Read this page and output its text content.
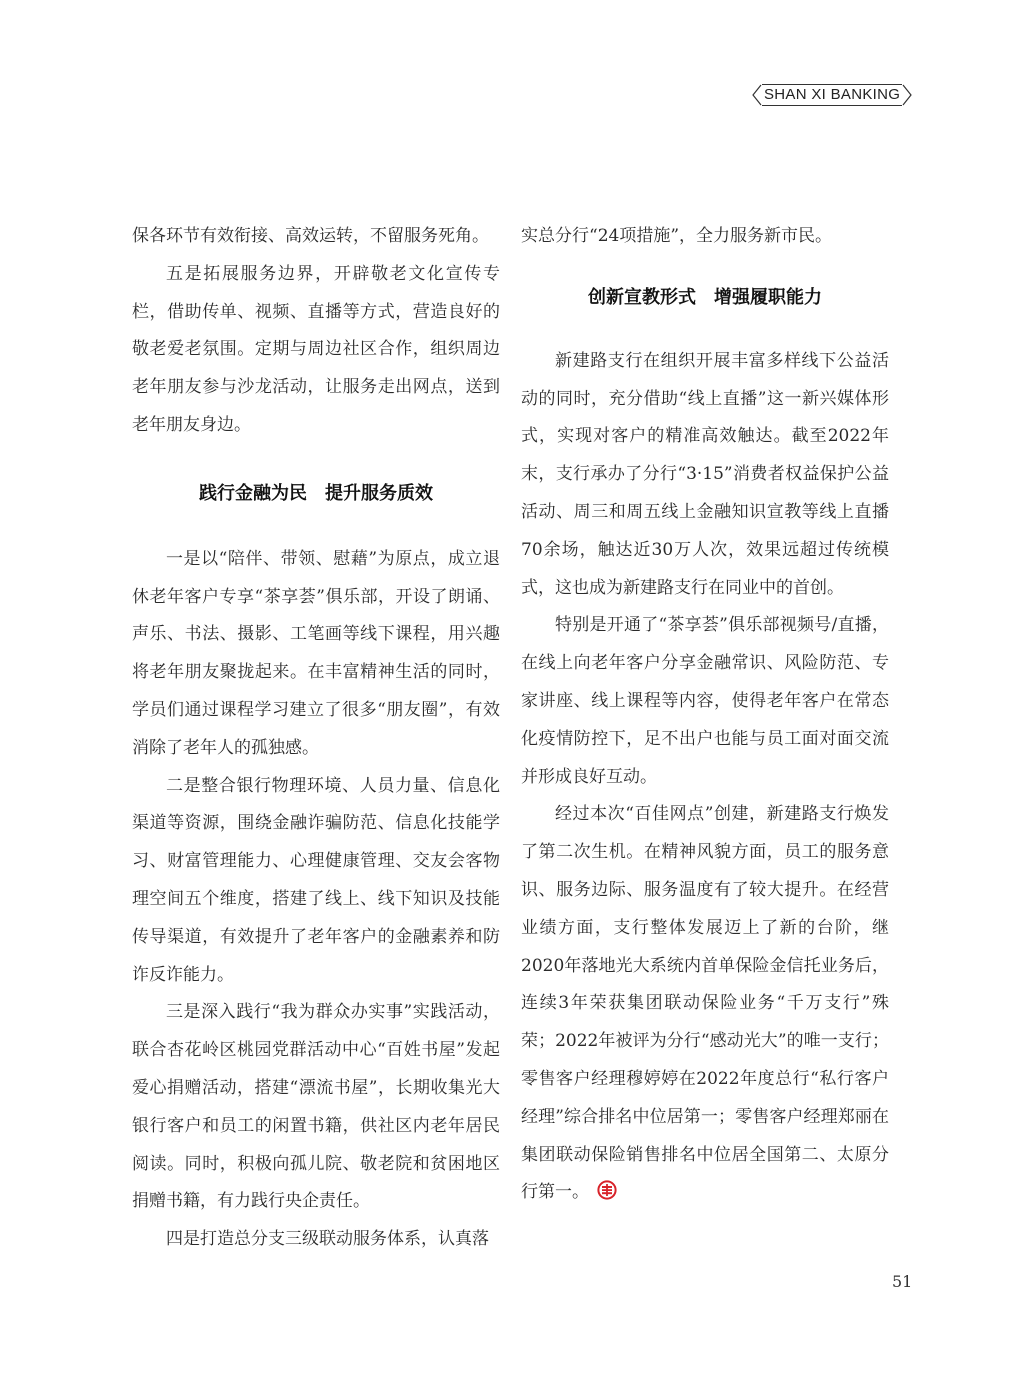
SHAN XI BANKING

保各环节有效衔接、高效运转，不留服务死角。

五是拓展服务边界，开辟敬老文化宣传专栏，借助传单、视频、直播等方式，营造良好的敬老爱老氛围。定期与周边社区合作，组织周边老年朋友参与沙龙活动，让服务走出网点，送到老年朋友身边。

践行金融为民　提升服务质效

一是以“陪伴、带领、慰藉”为原点，成立退休老年客户专享“茶享荟”俱乐部，开设了朗诵、声乐、书法、摄影、工笔画等线下课程，用兴趣将老年朋友聚拢起来。在丰富精神生活的同时，学员们通过课程学习建立了很多“朋友圈”，有效消除了老年人的孤独感。

二是整合银行物理环境、人员力量、信息化渠道等资源，围绕金融诈骗防范、信息化技能学习、财富管理能力、心理健康管理、交友会客物理空间五个维度，搭建了线上、线下知识及技能传导渠道，有效提升了老年客户的金融素养和防诈反诈能力。

三是深入践行“我为群众办实事”实践活动，联合杏花岭区桃园党群活动中心“百姓书屋”发起爱心捐赠活动，搭建“漂流书屋”，长期收集光大银行客户和员工的闲置书籍，供社区内老年居民阅读。同时，积极向孤儿院、敬老院和贫困地区捐赠书籍，有力践行央企责任。

四是打造总分支三级联动服务体系，认真落

实总分行“24项措施”，全力服务新市民。

创新宣教形式　增强履职能力

新建路支行在组织开展丰富多样线下公益活动的同时，充分借助“线上直播”这一新兴媒体形式，实现对客户的精准高效触达。截至2022年末，支行承办了分行“3·15”消费者权益保护公益活动、周三和周五线上金融知识宣教等线上直播70余场，触达近30万人次，效果远超过传统模式，这也成为新建路支行在同业中的首创。

特别是开通了“茶享荟”俱乐部视频号/直播，在线上向老年客户分享金融常识、风险防范、专家讲座、线上课程等内容，使得老年客户在常态化疫情防控下，足不出户也能与员工面对面交流并形成良好互动。

经过本次“百佳网点”创建，新建路支行焕发了第二次生机。在精神风貌方面，员工的服务意识、服务边际、服务温度有了较大提升。在经营业绩方面，支行整体发展迈上了新的台阶，继2020年落地光大系统内首单保险金信托业务后，连续3年荣获集团联动保险业务“千万支行”殊荣；2022年被评为分行“感动光大”的唯一支行；零售客户经理穆婷婷在2022年度总行“私行客户经理”综合排名中位居第一；零售客户经理郑丽在集团联动保险销售排名中位居全国第二、太原分行第一。

51
